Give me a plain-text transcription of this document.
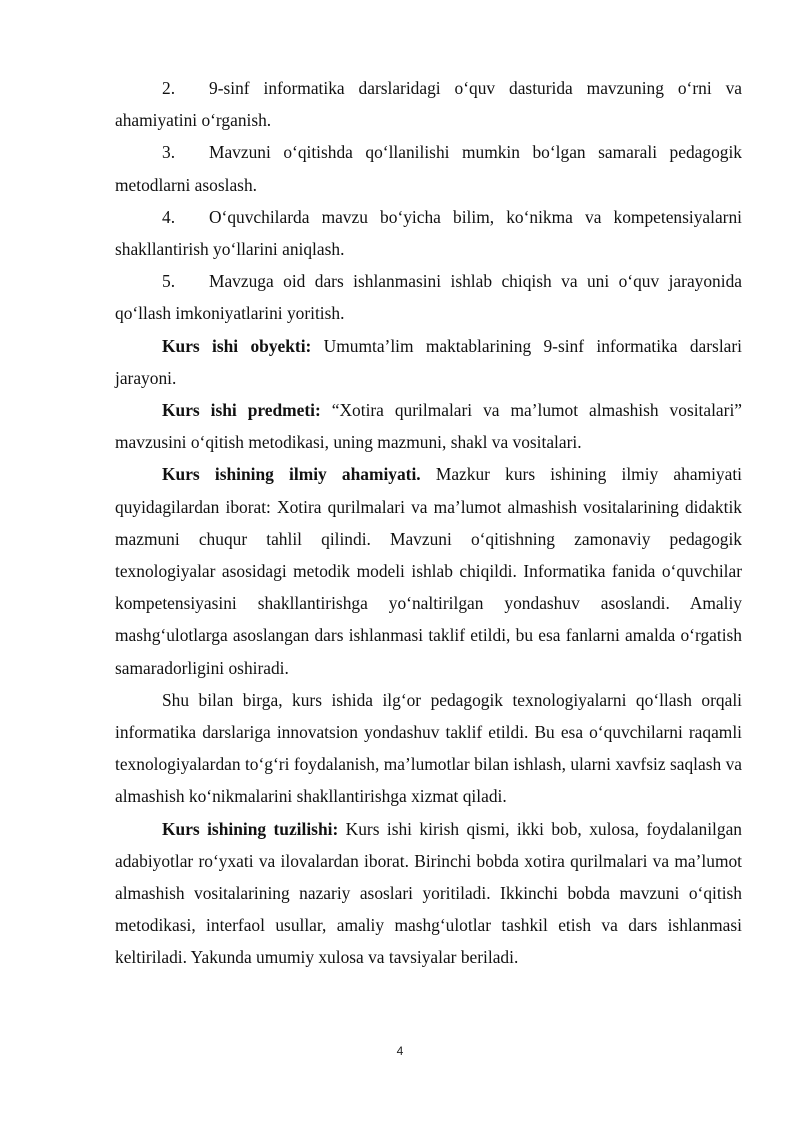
2. 9-sinf informatika darslaridagi o‘quv dasturida mavzuning o‘rni va ahamiyatini o‘rganish.

3. Mavzuni o‘qitishda qo‘llanilishi mumkin bo‘lgan samarali pedagogik metodlarni asoslash.

4. O‘quvchilarda mavzu bo‘yicha bilim, ko‘nikma va kompetensiyalarni shakllantirish yo‘llarini aniqlash.

5. Mavzuga oid dars ishlanmasini ishlab chiqish va uni o‘quv jarayonida qo‘llash imkoniyatlarini yoritish.

Kurs ishi obyekti: Umumta’lim maktablarining 9-sinf informatika darslari jarayoni.

Kurs ishi predmeti: “Xotira qurilmalari va ma’lumot almashish vositalari” mavzusini o‘qitish metodikasi, uning mazmuni, shakl va vositalari.

Kurs ishining ilmiy ahamiyati. Mazkur kurs ishining ilmiy ahamiyati quyidagilardan iborat: Xotira qurilmalari va ma’lumot almashish vositalarining didaktik mazmuni chuqur tahlil qilindi. Mavzuni o‘qitishning zamonaviy pedagogik texnologiyalar asosidagi metodik modeli ishlab chiqildi. Informatika fanida o‘quvchilar kompetensiyasini shakllantirishga yo‘naltirilgan yondashuv asoslandi. Amaliy mashg‘ulotlarga asoslangan dars ishlanmasi taklif etildi, bu esa fanlarni amalda o‘rgatish samaradorligini oshiradi.

Shu bilan birga, kurs ishida ilg‘or pedagogik texnologiyalarni qo‘llash orqali informatika darslariga innovatsion yondashuv taklif etildi. Bu esa o‘quvchilarni raqamli texnologiyalardan to‘g‘ri foydalanish, ma’lumotlar bilan ishlash, ularni xavfsiz saqlash va almashish ko‘nikmalarini shakllantirishga xizmat qiladi.

Kurs ishining tuzilishi: Kurs ishi kirish qismi, ikki bob, xulosa, foydalanilgan adabiyotlar ro‘yxati va ilovalardan iborat. Birinchi bobda xotira qurilmalari va ma’lumot almashish vositalarining nazariy asoslari yoritiladi. Ikkinchi bobda mavzuni o‘qitish metodikasi, interfaol usullar, amaliy mashg‘ulotlar tashkil etish va dars ishlanmasi keltiriladi. Yakunda umumiy xulosa va tavsiyalar beriladi.

4
